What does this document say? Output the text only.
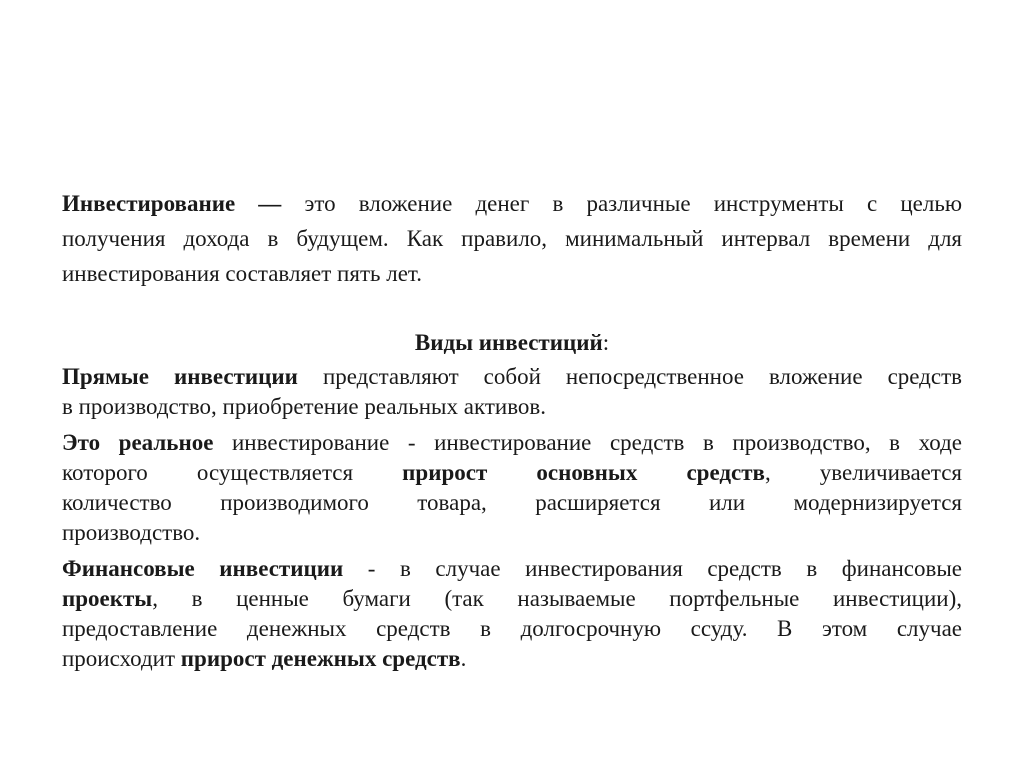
Инвестирование — это вложение денег в различные инструменты с целью
получения дохода в будущем. Как правило, минимальный интервал времени для
инвестирования составляет пять лет.
Виды инвестиций:
Прямые инвестиции представляют собой непосредственное вложение средств
в производство, приобретение реальных активов.
Это реальное инвестирование - инвестирование средств в производство, в ходе
которого осуществляется прирост основных средств, увеличивается
количество производимого товара, расширяется или модернизируется
производство.
Финансовые инвестиции - в случае инвестирования средств в финансовые
проекты, в ценные бумаги (так называемые портфельные инвестиции),
предоставление денежных средств в долгосрочную ссуду. В этом случае
происходит прирост денежных средств.
